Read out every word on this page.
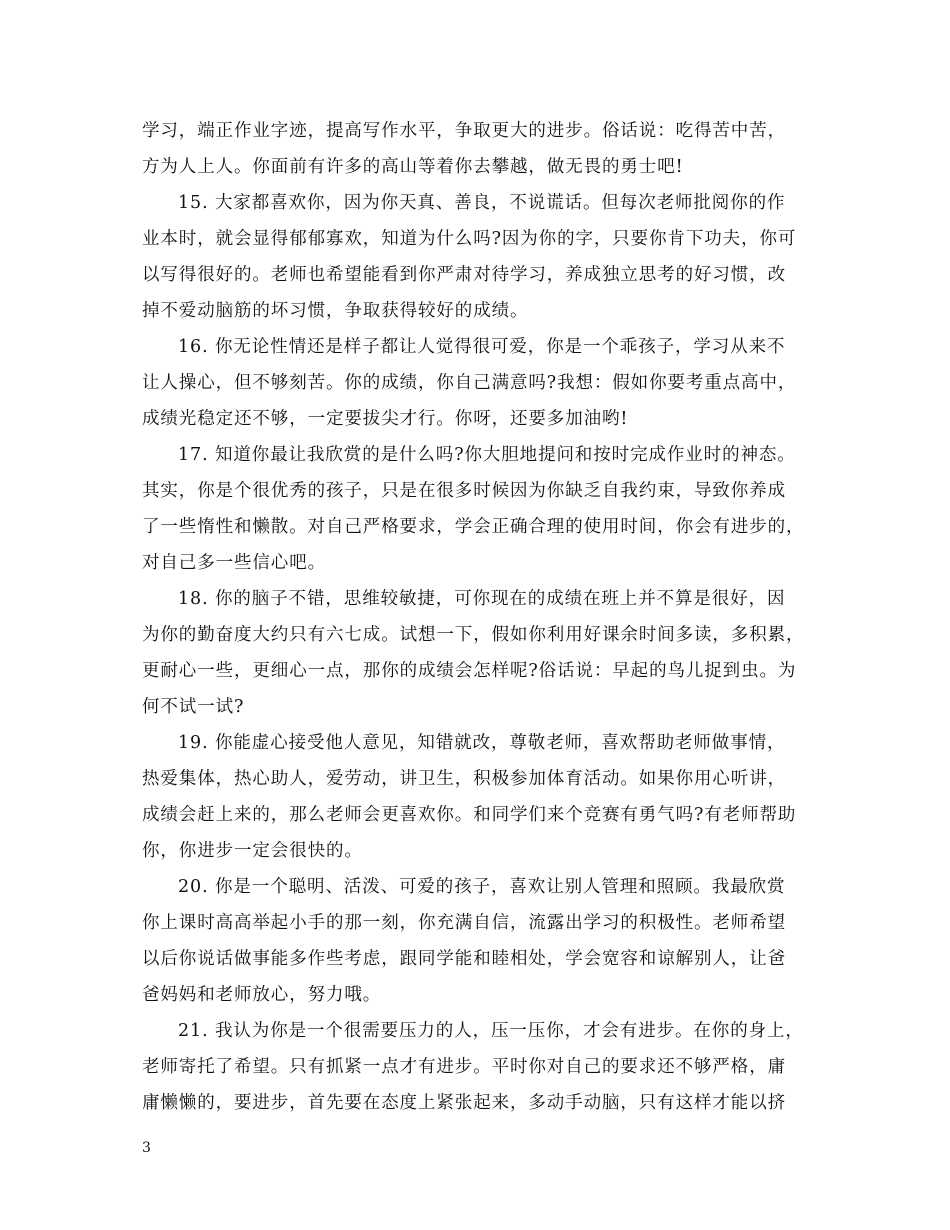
学习，端正作业字迹，提高写作水平，争取更大的进步。俗话说：吃得苦中苦，
方为人上人。你面前有许多的高山等着你去攀越，做无畏的勇士吧!
15. 大家都喜欢你，因为你天真、善良，不说谎话。但每次老师批阅你的作
业本时，就会显得郁郁寡欢，知道为什么吗?因为你的字，只要你肯下功夫，你可
以写得很好的。老师也希望能看到你严肃对待学习，养成独立思考的好习惯，改
掉不爱动脑筋的坏习惯，争取获得较好的成绩。
16. 你无论性情还是样子都让人觉得很可爱，你是一个乖孩子，学习从来不
让人操心，但不够刻苦。你的成绩，你自己满意吗?我想：假如你要考重点高中，
成绩光稳定还不够，一定要拔尖才行。你呀，还要多加油哟!
17. 知道你最让我欣赏的是什么吗?你大胆地提问和按时完成作业时的神态。
其实，你是个很优秀的孩子，只是在很多时候因为你缺乏自我约束，导致你养成
了一些惰性和懒散。对自己严格要求，学会正确合理的使用时间，你会有进步的，
对自己多一些信心吧。
18. 你的脑子不错，思维较敏捷，可你现在的成绩在班上并不算是很好，因
为你的勤奋度大约只有六七成。试想一下，假如你利用好课余时间多读，多积累，
更耐心一些，更细心一点，那你的成绩会怎样呢?俗话说：早起的鸟儿捉到虫。为
何不试一试?
19. 你能虚心接受他人意见，知错就改，尊敬老师，喜欢帮助老师做事情，
热爱集体，热心助人，爱劳动，讲卫生，积极参加体育活动。如果你用心听讲，
成绩会赶上来的，那么老师会更喜欢你。和同学们来个竞赛有勇气吗?有老师帮助
你，你进步一定会很快的。
20. 你是一个聪明、活泼、可爱的孩子，喜欢让别人管理和照顾。我最欣赏
你上课时高高举起小手的那一刻，你充满自信，流露出学习的积极性。老师希望
以后你说话做事能多作些考虑，跟同学能和睦相处，学会宽容和谅解别人，让爸
爸妈妈和老师放心，努力哦。
21. 我认为你是一个很需要压力的人，压一压你，才会有进步。在你的身上，
老师寄托了希望。只有抓紧一点才有进步。平时你对自己的要求还不够严格，庸
庸懒懒的，要进步，首先要在态度上紧张起来，多动手动脑，只有这样才能以挤
3
